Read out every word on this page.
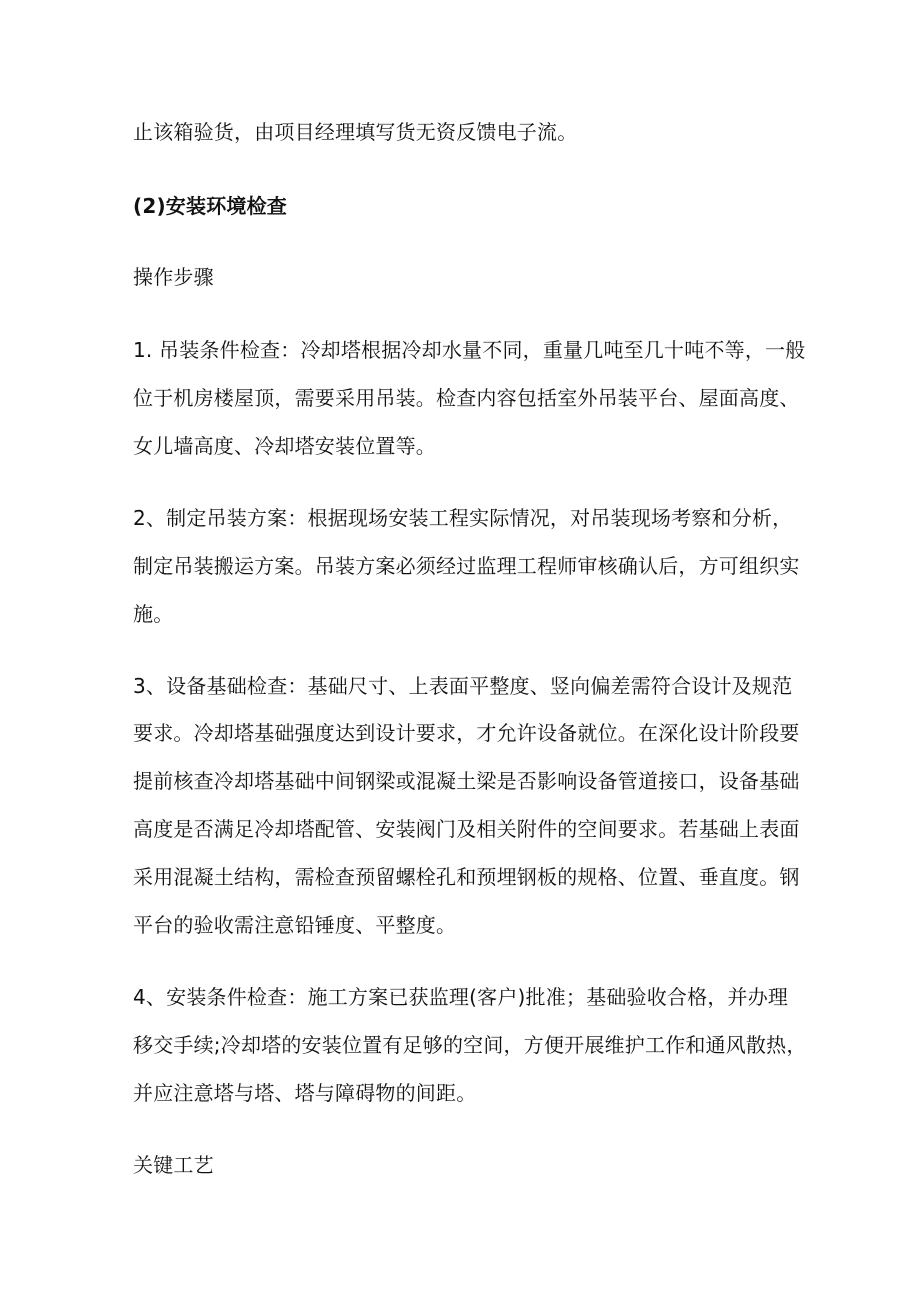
止该箱验货，由项目经理填写货无资反馈电子流。
(2)安装环境检查
操作步骤
1. 吊装条件检查：冷却塔根据冷却水量不同，重量几吨至几十吨不等，一般
位于机房楼屋顶，需要采用吊装。检查内容包括室外吊装平台、屋面高度、
女儿墙高度、冷却塔安装位置等。
2、制定吊装方案：根据现场安装工程实际情况，对吊装现场考察和分析，
制定吊装搬运方案。吊装方案必须经过监理工程师审核确认后，方可组织实
施。
3、设备基础检查：基础尺寸、上表面平整度、竖向偏差需符合设计及规范
要求。冷却塔基础强度达到设计要求，才允许设备就位。在深化设计阶段要
提前核查冷却塔基础中间钢梁或混凝土梁是否影响设备管道接口，设备基础
高度是否满足冷却塔配管、安装阀门及相关附件的空间要求。若基础上表面
采用混凝土结构，需检查预留螺栓孔和预埋钢板的规格、位置、垂直度。钢
平台的验收需注意铅锤度、平整度。
4、安装条件检查：施工方案已获监理(客户)批准；基础验收合格，并办理
移交手续;冷却塔的安装位置有足够的空间，方便开展维护工作和通风散热，
并应注意塔与塔、塔与障碍物的间距。
关键工艺
